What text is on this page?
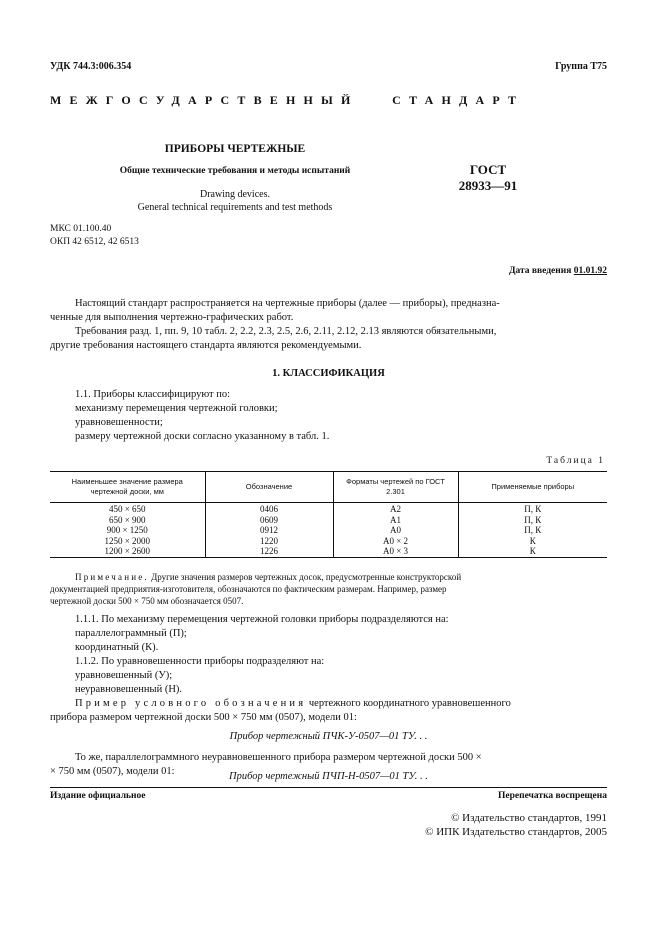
УДК 744.3:006.354	Группа Т75
МЕЖГОСУДАРСТВЕННЫЙ   СТАНДАРТ
ПРИБОРЫ ЧЕРТЕЖНЫЕ
Общие технические требования и методы испытаний	ГОСТ
28933—91
Drawing devices.
General technical requirements and test methods
МКС 01.100.40
ОКП 42 6512, 42 6513
Дата введения 01.01.92
Настоящий стандарт распространяется на чертежные приборы (далее — приборы), предназна-
ченные для выполнения чертежно-графических работ.
Требования разд. 1, пп. 9, 10 табл. 2, 2.2, 2.3, 2.5, 2.6, 2.11, 2.12, 2.13 являются обязательными,
другие требования настоящего стандарта являются рекомендуемыми.
1. КЛАССИФИКАЦИЯ
1.1. Приборы классифицируют по:
механизму перемещения чертежной головки;
уравновешенности;
размеру чертежной доски согласно указанному в табл. 1.
Таблица 1
Наименьшее значение размера чертежной доски, мм	Обозначение	Форматы чертежей по ГОСТ 2.301	Применяемые приборы
450 × 650	0406	А2	П, К
650 × 900	0609	А1	П, К
900 × 1250	0912	А0	П, К
1250 × 2000	1220	А0 × 2	К
1200 × 2600	1226	А0 × 3	К
Примечание. Другие значения размеров чертежных досок, предусмотренные конструкторской
документацией предприятия-изготовителя, обозначаются по фактическим размерам. Например, размер
чертежной доски 500 × 750 мм обозначается 0507.
1.1.1. По механизму перемещения чертежной головки приборы подразделяются на:
параллелограммный (П);
координатный (К).
1.1.2. По уравновешенности приборы подразделяют на:
уравновешенный (У);
неуравновешенный (Н).
Пример условного обозначения чертежного координатного уравновешенного
прибора размером чертежной доски 500 × 750 мм (0507), модели 01:
Прибор чертежный ПЧК-У-0507—01 ТУ. . .
То же, параллелограммного неуравновешенного прибора размером чертежной доски 500 ×
× 750 мм (0507), модели 01:	Прибор чертежный ПЧП-Н-0507—01 ТУ. . .
Издание официальное	Перепечатка воспрещена
© Издательство стандартов, 1991
© ИПК Издательство стандартов, 2005
